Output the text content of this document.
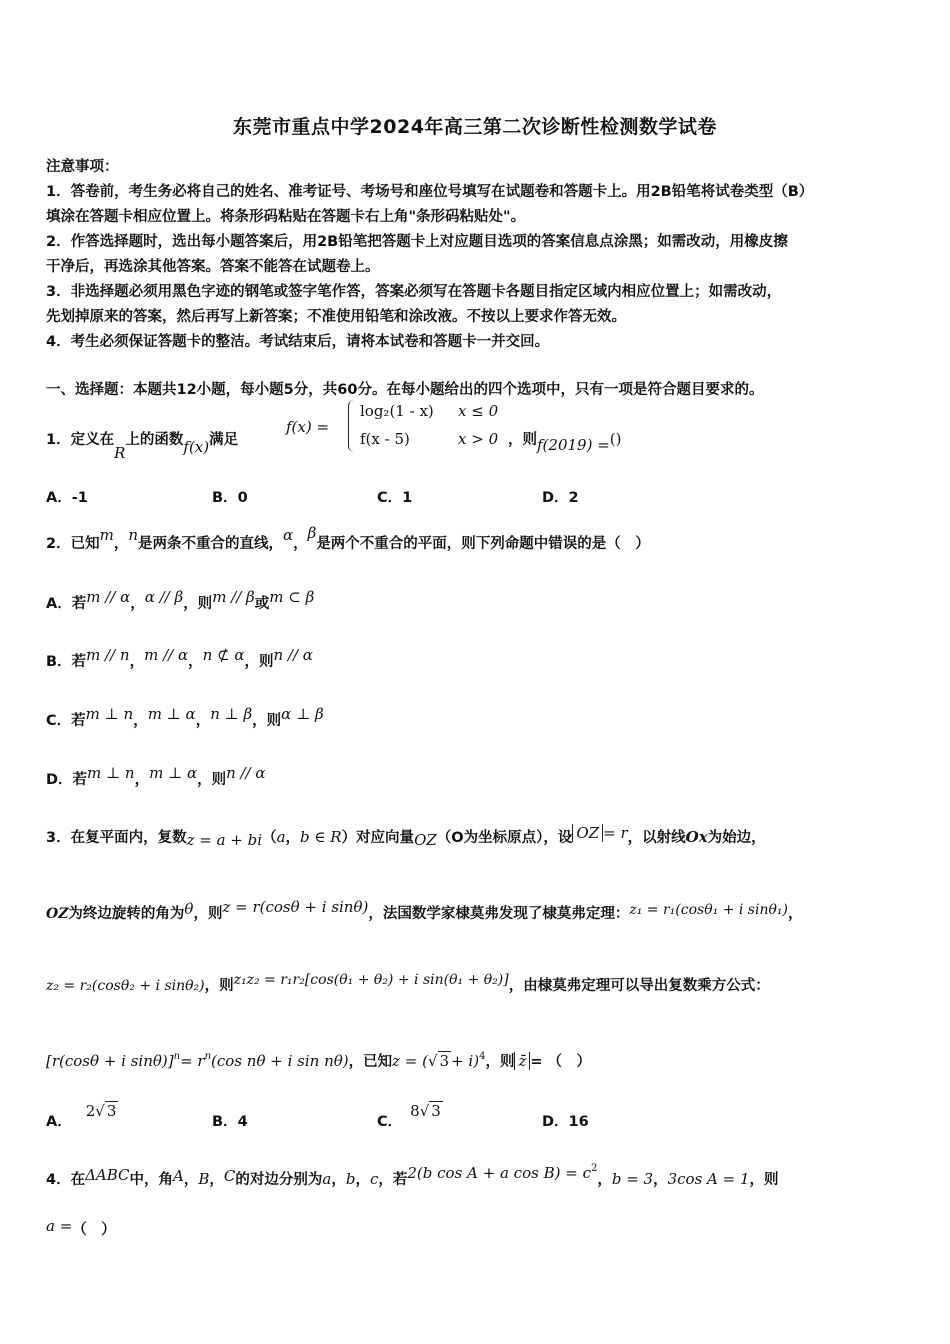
东莞市重点中学2024年高三第二次诊断性检测数学试卷
注意事项：
1．答卷前，考生务必将自己的姓名、准考证号、考场号和座位号填写在试题卷和答题卡上。用2B铅笔将试卷类型（B）
填涂在答题卡相应位置上。将条形码粘贴在答题卡右上角"条形码粘贴处"。
2．作答选择题时，选出每小题答案后，用2B铅笔把答题卡上对应题目选项的答案信息点涂黑；如需改动，用橡皮擦
干净后，再选涂其他答案。答案不能答在试题卷上。
3．非选择题必须用黑色字迹的钢笔或签字笔作答，答案必须写在答题卡各题目指定区域内相应位置上；如需改动，
先划掉原来的答案，然后再写上新答案；不准使用铅笔和涂改液。不按以上要求作答无效。
4．考生必须保证答题卡的整洁。考试结束后，请将本试卷和答题卡一并交回。
一、选择题：本题共12小题，每小题5分，共60分。在每小题给出的四个选项中，只有一项是符合题目要求的。
1．定义在R上的函数f(x)满足
f(x) =
log₂(1 - x) x ≤ 0
f(x - 5)	x > 0 ，则f(2019) =()
A．-1	B．0	C．1	D．2
2．已知m，n是两条不重合的直线，α，β是两个不重合的平面，则下列命题中错误的是（　）
A．若m // α，α // β，则m // β或m ⊂ β
B．若m // n，m // α，n ⊄ α，则n // α
C．若m ⊥ n，m ⊥ α，n ⊥ β，则α ⊥ β
D．若m ⊥ n，m ⊥ α，则n // α
3．在复平面内，复数z = a + bi（a，b ∈ R）对应向量OZ（O为坐标原点），设 OZ = r，以射线Ox为始边，
OZ为终边旋转的角为θ，则z = r(cosθ + i sinθ)，法国数学家棣莫弗发现了棣莫弗定理：z₁ = r₁(cosθ₁ + i sinθ₁)，
z₂ = r₂(cosθ₂ + i sinθ₂)，则z₁z₂ = r₁r₂[cos(θ₁ + θ₂) + i sin(θ₁ + θ₂)]，由棣莫弗定理可以导出复数乘方公式：
[r(cosθ + i $\sin\theta)]^n= r^n(\cos$ nθ + i sin nθ)，已知z = (√ 3 + i)$^4$，则 z̄ = （　）
A．2√ 3
B．4	C．8√ 3
D．16
4．在ΔABC中，角A，B，C的对边分别为a，b，c，若2(b cos A + a $\cos B) = c^2$，b = 3，3cos A = 1，则
a =（　）
